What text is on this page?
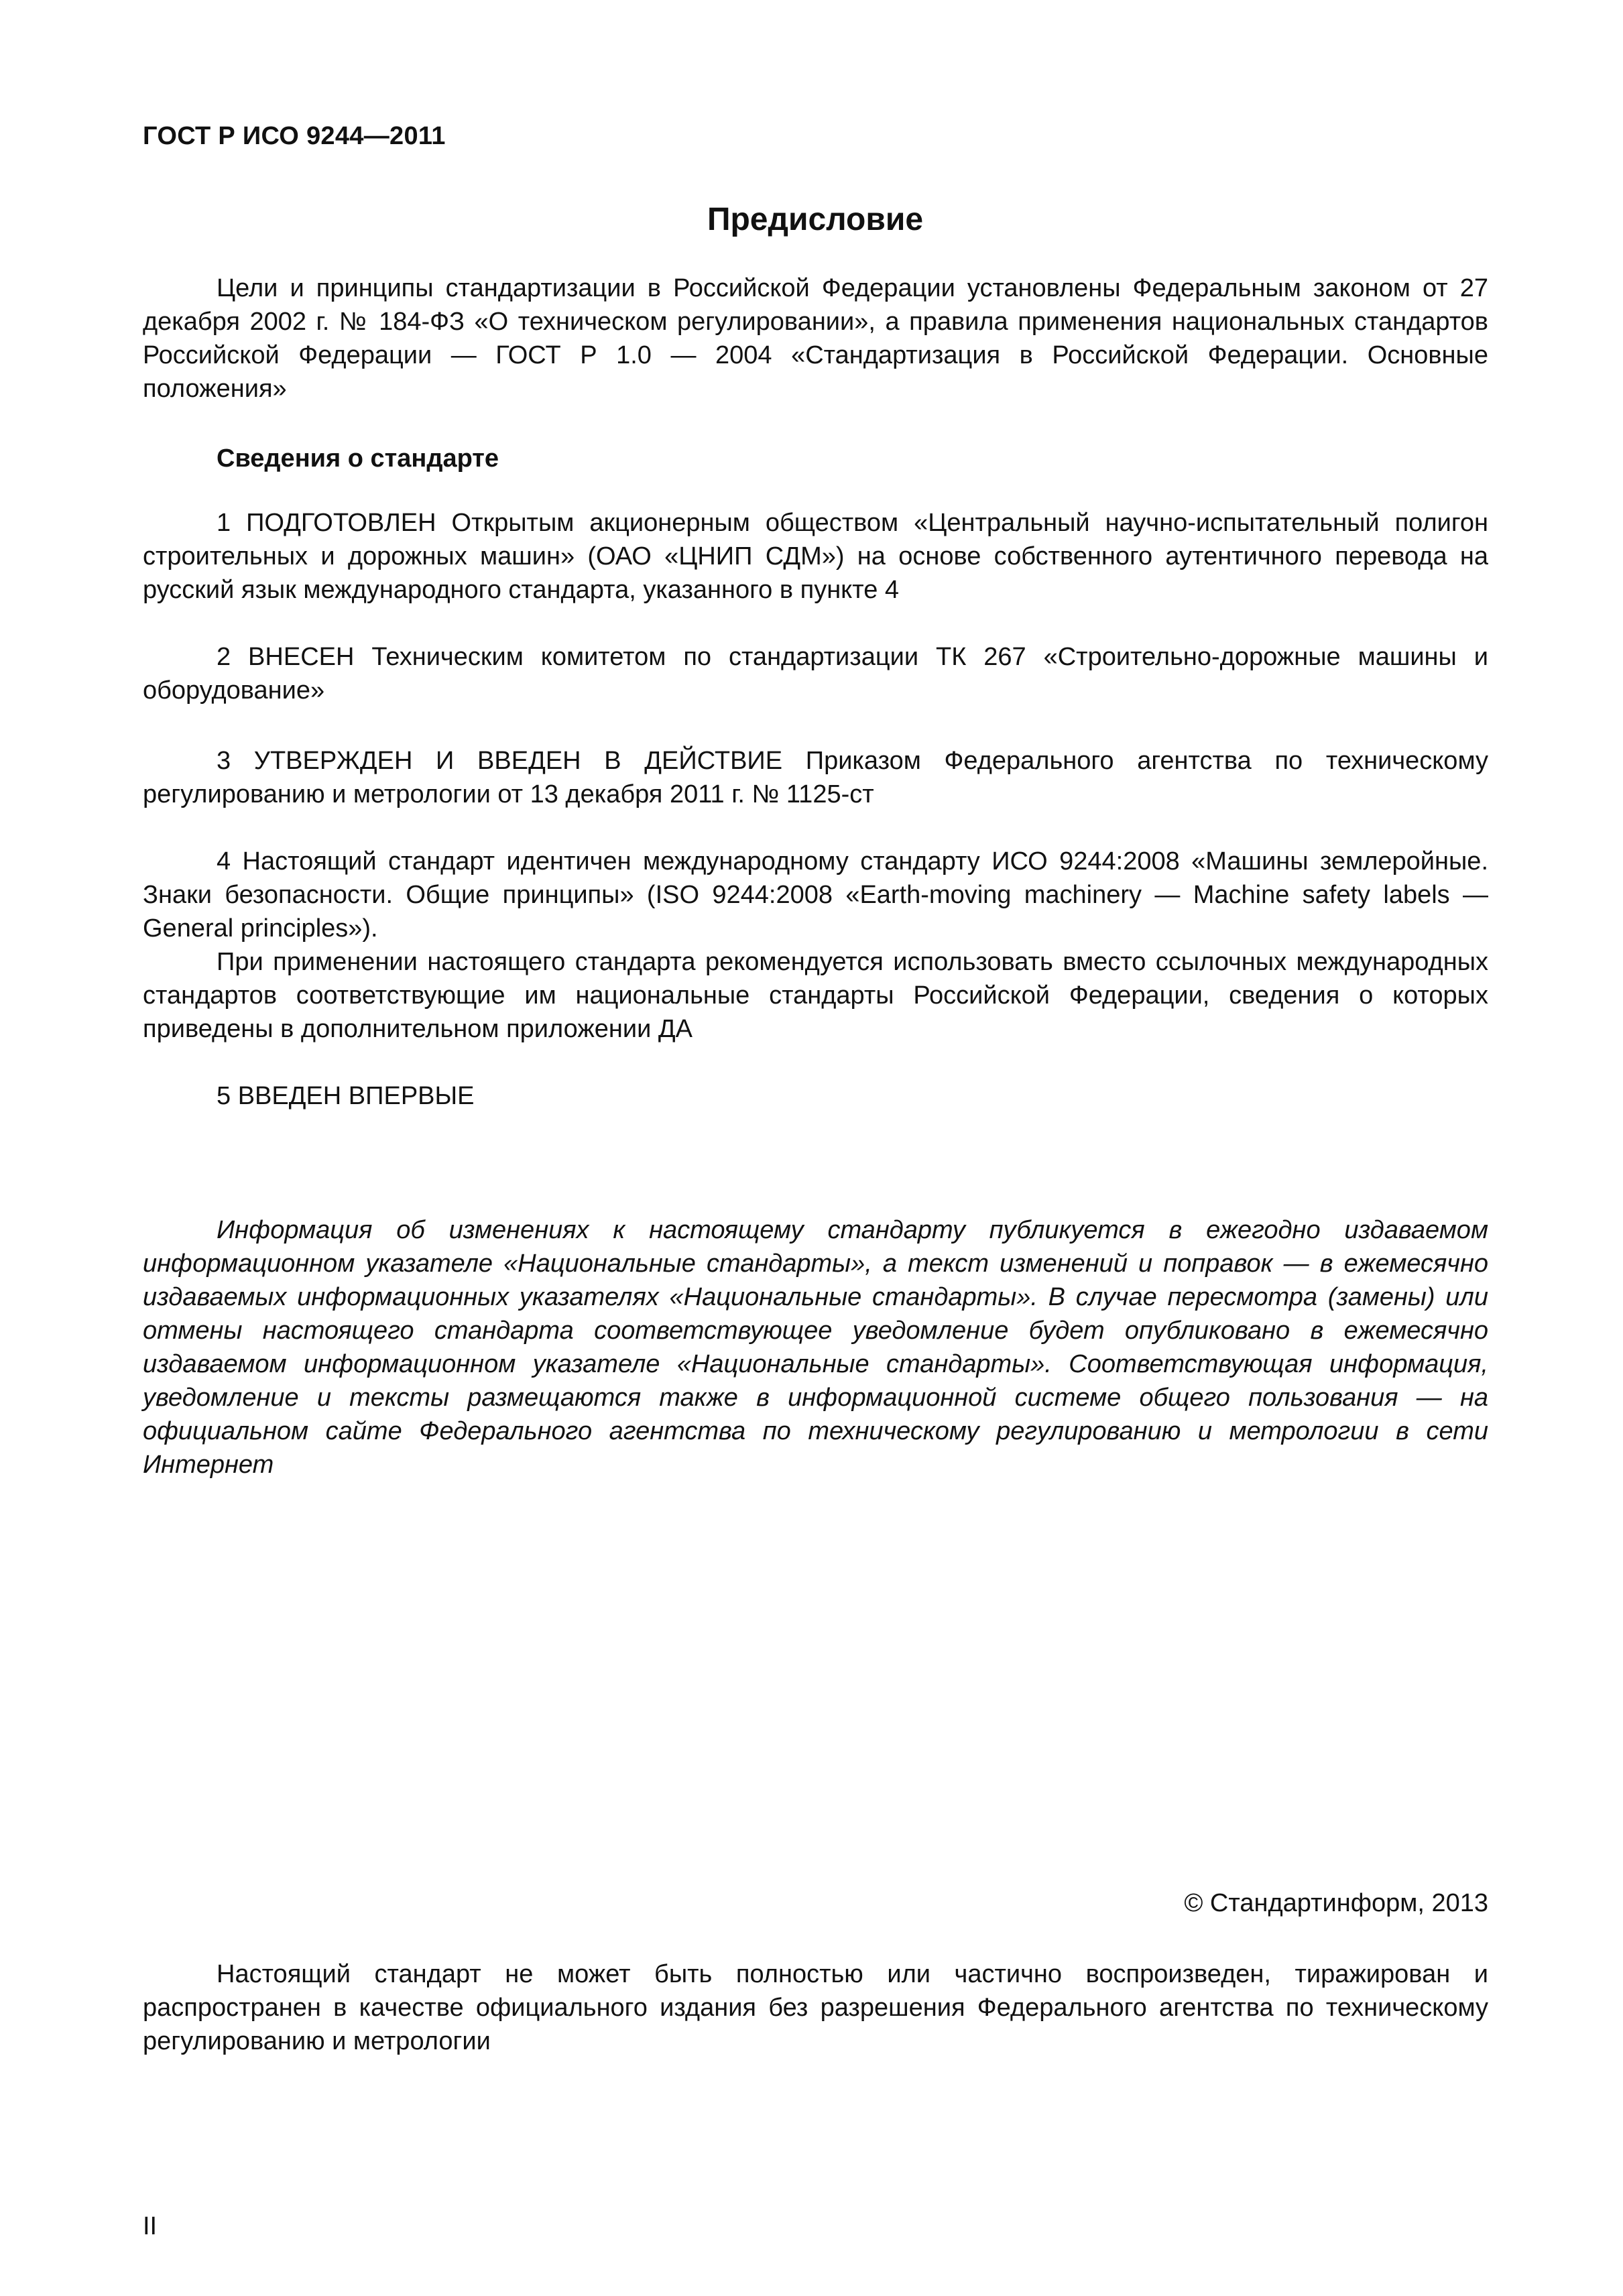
ГОСТ Р ИСО 9244—2011
Предисловие

Цели и принципы стандартизации в Российской Федерации установлены Федеральным законом от 27 декабря 2002 г. № 184-ФЗ «О техническом регулировании», а правила применения национальных стандартов Российской Федерации — ГОСТ Р 1.0 — 2004 «Стандартизация в Российской Федерации. Основные положения»

Сведения о стандарте

1 ПОДГОТОВЛЕН Открытым акционерным обществом «Центральный научно-испытательный полигон строительных и дорожных машин» (ОАО «ЦНИП СДМ») на основе собственного аутентичного перевода на русский язык международного стандарта, указанного в пункте 4

2 ВНЕСЕН Техническим комитетом по стандартизации ТК 267 «Строительно-дорожные машины и оборудование»

3 УТВЕРЖДЕН И ВВЕДЕН В ДЕЙСТВИЕ Приказом Федерального агентства по техническому регулированию и метрологии от 13 декабря 2011 г. № 1125-ст

4 Настоящий стандарт идентичен международному стандарту ИСО 9244:2008 «Машины землеройные. Знаки безопасности. Общие принципы» (ISO 9244:2008 «Earth-moving machinery — Machine safety labels — General principles»).

При применении настоящего стандарта рекомендуется использовать вместо ссылочных международных стандартов соответствующие им национальные стандарты Российской Федерации, сведения о которых приведены в дополнительном приложении ДА

5 ВВЕДЕН ВПЕРВЫЕ

Информация об изменениях к настоящему стандарту публикуется в ежегодно издаваемом информационном указателе «Национальные стандарты», а текст изменений и поправок — в ежемесячно издаваемых информационных указателях «Национальные стандарты». В случае пересмотра (замены) или отмены настоящего стандарта соответствующее уведомление будет опубликовано в ежемесячно издаваемом информационном указателе «Национальные стандарты». Соответствующая информация, уведомление и тексты размещаются также в информационной системе общего пользования — на официальном сайте Федерального агентства по техническому регулированию и метрологии в сети Интернет

© Стандартинформ, 2013

Настоящий стандарт не может быть полностью или частично воспроизведен, тиражирован и распространен в качестве официального издания без разрешения Федерального агентства по техническому регулированию и метрологии

II
